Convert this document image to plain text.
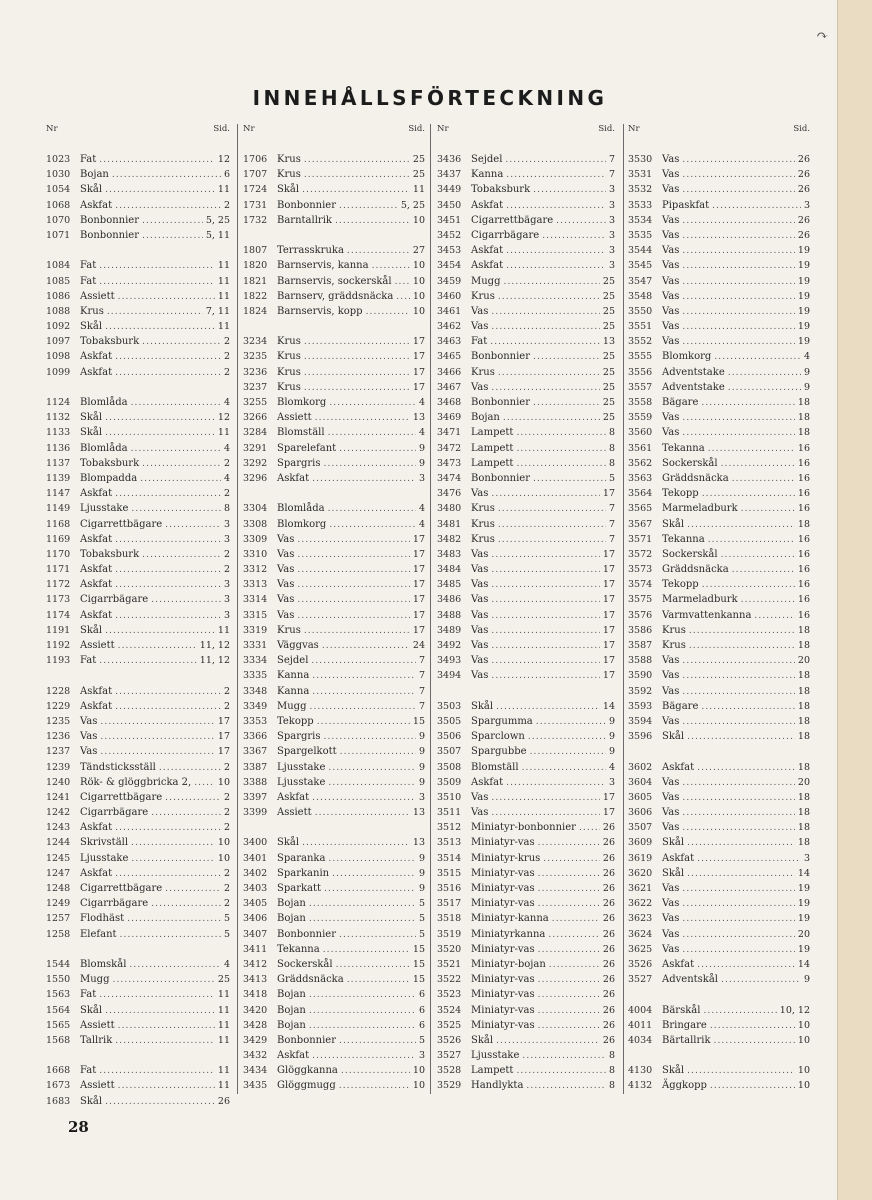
↷
INNEHÅLLSFÖRTECKNING
Nr	Sid.
1023 Fat .....	12
1030 Bojan .....	6
1054 Skål .....	11
1068 Askfat .....	2
1070 Bonbonnier .....	5, 25
1071 Bonbonnier .....	5, 11
1084 Fat .....	11
1085 Fat .....	11
1086 Assiett .....	11
1088 Krus .....	7, 11
1092 Skål .....	11
1097 Tobaksburk .....	2
1098 Askfat .....	2
1099 Askfat .....	2
1124 Blomlåda .....	4
1132 Skål .....	12
1133 Skål .....	11
1136 Blomlåda .....	4
1137 Tobaksburk .....	2
1139 Blompadda .....	4
1147 Askfat .....	2
1149 Ljusstake .....	8
1168 Cigarrettbägare .....	3
1169 Askfat .....	3
1170 Tobaksburk .....	2
1171 Askfat .....	2
1172 Askfat .....	3
1173 Cigarrbägare .....	3
1174 Askfat .....	3
1191 Skål .....	11
1192 Assiett .....	11, 12
1193 Fat .....	11, 12
1228 Askfat .....	2
1229 Askfat .....	2
1235 Vas .....	17
1236 Vas .....	17
1237 Vas .....	17
1239 Tändsticksställ .....	2
1240 Rök- & glöggbricka 2, .....	10
1241 Cigarrettbägare .....	2
1242 Cigarrbägare .....	2
1243 Askfat .....	2
1244 Skrivställ .....	10
1245 Ljusstake .....	10
1247 Askfat .....	2
1248 Cigarrettbägare .....	2
1249 Cigarrbägare .....	2
1257 Flodhäst .....	5
1258 Elefant .....	5
1544 Blomskål .....	4
1550 Mugg .....	25
1563 Fat .....	11
1564 Skål .....	11
1565 Assiett .....	11
1568 Tallrik .....	11
1668 Fat .....	11
1673 Assiett .....	11
1683 Skål .....	26
Nr	Sid.
1706 Krus .....	25
1707 Krus .....	25
1724 Skål .....	11
1731 Bonbonnier .....	5, 25
1732 Barntallrik .....	10
1807 Terrasskruka .....	27
1820 Barnservis, kanna .....	10
1821 Barnservis, sockerskål ..... 10
1822 Barnserv, gräddsnäcka ..... 10
1824 Barnservis, kopp .....	10
3234 Krus .....	17
3235 Krus .....	17
3236 Krus .....	17
3237 Krus .....	17
3255 Blomkorg .....	4
3266 Assiett .....	13
3284 Blomställ .....	4
3291 Sparelefant .....	9
3292 Spargris .....	9
3296 Askfat .....	3
3304 Blomlåda .....	4
3308 Blomkorg .....	4
3309 Vas .....	17
3310 Vas .....	17
3312 Vas .....	17
3313 Vas .....	17
3314 Vas .....	17
3315 Vas .....	17
3319 Krus .....	17
3331 Väggvas .....	24
3334 Sejdel .....	7
3335 Kanna .....	7
3348 Kanna .....	7
3349 Mugg .....	7
3353 Tekopp .....	15
3366 Spargris .....	9
3367 Spargelkott .....	9
3387 Ljusstake .....	9
3388 Ljusstake .....	9
3397 Askfat .....	3
3399 Assiett .....	13
3400 Skål .....	13
3401 Sparanka .....	9
3402 Sparkanin .....	9
3403 Sparkatt .....	9
3405 Bojan .....	5
3406 Bojan .....	5
3407 Bonbonnier .....	5
3411 Tekanna .....	15
3412 Sockerskål .....	15
3413 Gräddsnäcka .....	15
3418 Bojan .....	6
3420 Bojan .....	6
3428 Bojan .....	6
3429 Bonbonnier .....	5
3432 Askfat .....	3
3434 Glöggkanna .....	10
3435 Glöggmugg .....	10
Nr	Sid.
3436 Sejdel .....	7
3437 Kanna .....	7
3449 Tobaksburk .....	3
3450 Askfat .....	3
3451 Cigarrettbägare .....	3
3452 Cigarrbägare .....	3
3453 Askfat .....	3
3454 Askfat .....	3
3459 Mugg .....	25
3460 Krus .....	25
3461 Vas .....	25
3462 Vas .....	25
3463 Fat .....	13
3465 Bonbonnier .....	25
3466 Krus .....	25
3467 Vas .....	25
3468 Bonbonnier .....	25
3469 Bojan .....	25
3471 Lampett .....	8
3472 Lampett .....	8
3473 Lampett .....	8
3474 Bonbonnier .....	5
3476 Vas .....	17
3480 Krus .....	7
3481 Krus .....	7
3482 Krus .....	7
3483 Vas .....	17
3484 Vas .....	17
3485 Vas .....	17
3486 Vas .....	17
3488 Vas .....	17
3489 Vas .....	17
3492 Vas .....	17
3493 Vas .....	17
3494 Vas .....	17
3503 Skål .....	14
3505 Spargumma .....	9
3506 Sparclown .....	9
3507 Spargubbe .....	9
3508 Blomställ .....	4
3509 Askfat .....	3
3510 Vas .....	17
3511 Vas .....	17
3512 Miniatyr-bonbonnier .....	26
3513 Miniatyr-vas .....	26
3514 Miniatyr-krus .....	26
3515 Miniatyr-vas .....	26
3516 Miniatyr-vas .....	26
3517 Miniatyr-vas .....	26
3518 Miniatyr-kanna .....	26
3519 Miniatyrkanna .....	26
3520 Miniatyr-vas .....	26
3521 Miniatyr-bojan .....	26
3522 Miniatyr-vas .....	26
3523 Miniatyr-vas .....	26
3524 Miniatyr-vas .....	26
3525 Miniatyr-vas .....	26
3526 Skål .....	26
3527 Ljusstake .....	8
3528 Lampett .....	8
3529 Handlykta .....	8
Nr	Sid.
3530 Vas .....	26
3531 Vas .....	26
3532 Vas .....	26
3533 Pipaskfat .....	3
3534 Vas .....	26
3535 Vas .....	26
3544 Vas .....	19
3545 Vas .....	19
3547 Vas .....	19
3548 Vas .....	19
3550 Vas .....	19
3551 Vas .....	19
3552 Vas .....	19
3555 Blomkorg .....	4
3556 Adventstake .....	9
3557 Adventstake .....	9
3558 Bägare .....	18
3559 Vas .....	18
3560 Vas .....	18
3561 Tekanna .....	16
3562 Sockerskål .....	16
3563 Gräddsnäcka .....	16
3564 Tekopp .....	16
3565 Marmeladburk .....	16
3567 Skål .....	18
3571 Tekanna .....	16
3572 Sockerskål .....	16
3573 Gräddsnäcka .....	16
3574 Tekopp .....	16
3575 Marmeladburk .....	16
3576 Varmvattenkanna .....	16
3586 Krus .....	18
3587 Krus .....	18
3588 Vas .....	20
3590 Vas .....	18
3592 Vas .....	18
3593 Bägare .....	18
3594 Vas .....	18
3596 Skål .....	18
3602 Askfat .....	18
3604 Vas .....	20
3605 Vas .....	18
3606 Vas .....	18
3507 Vas .....	18
3609 Skål .....	18
3619 Askfat .....	3
3620 Skål .....	14
3621 Vas .....	19
3622 Vas .....	19
3623 Vas .....	19
3624 Vas .....	20
3625 Vas .....	19
3526 Askfat .....	14
3527 Adventskål .....	9
4004 Bärskål .....	10, 12
4011 Bringare .....	10
4034 Bärtallrik .....	10
4130 Skål .....	10
4132 Äggkopp .....	10
28
